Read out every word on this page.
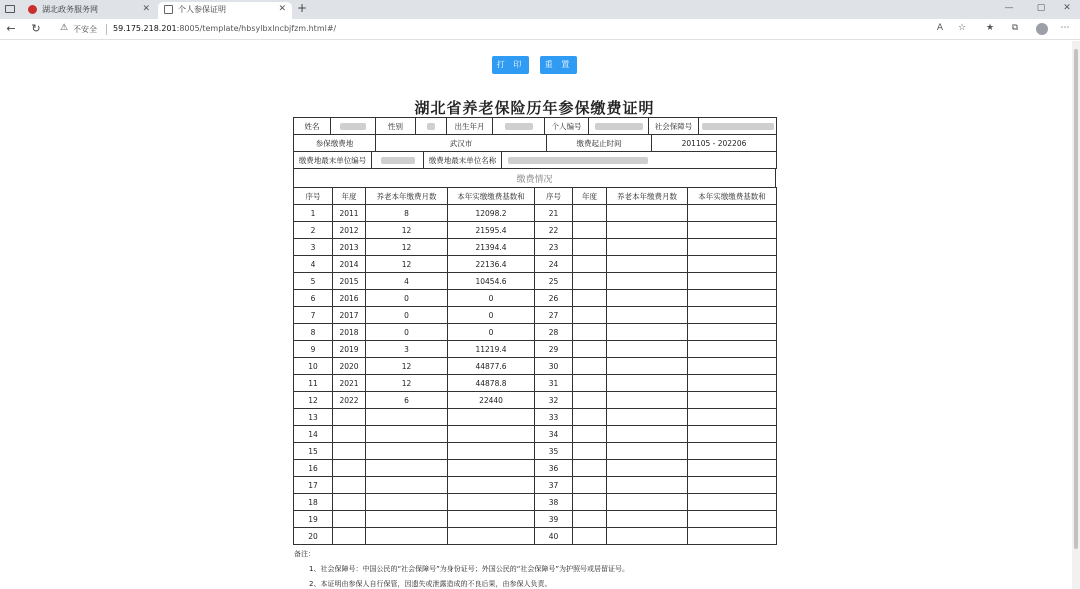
湖北政务服务网	✕	个人参保证明	✕ +	—	▢	✕
←	↻	⚠ 不安全 59.175.218.201:8005/template/hbsylbxlncbjfzm.html#/	A	☆	★	⧉	⋯
打 印	重 置
湖北省养老保险历年参保缴费证明
姓名		性别		出生年月		个人编号		社会保障号	
参保缴费地	武汉市	缴费起止时间	201105 - 202206
缴费地最末单位编号		缴费地最末单位名称	
缴费情况
序号	年度	养老本年缴费月数	本年实缴缴费基数和	序号	年度	养老本年缴费月数	本年实缴缴费基数和
1	2011	8	12098.2	21			
2	2012	12	21595.4	22			
3	2013	12	21394.4	23			
4	2014	12	22136.4	24			
5	2015	4	10454.6	25			
6	2016	0	0	26			
7	2017	0	0	27			
8	2018	0	0	28			
9	2019	3	11219.4	29			
10	2020	12	44877.6	30			
11	2021	12	44878.8	31			
12	2022	6	22440	32			
13				33			
14				34			
15				35			
16				36			
17				37			
18				38			
19				39			
20				40			
备注：
1、社会保障号：中国公民的“社会保障号”为身份证号；外国公民的“社会保障号”为护照号或居留证号。
2、本证明由参保人自行保管，因遗失或泄露造成的不良后果，由参保人负责。
